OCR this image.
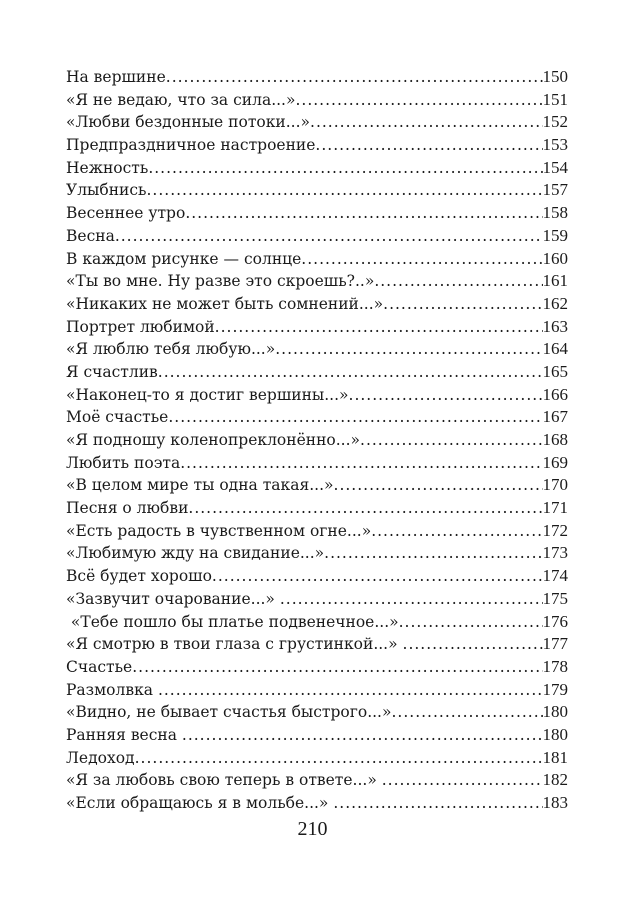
На вершине .....	150
«Я не ведаю, что за сила...» .....	151
«Любви бездонные потоки...» .....	152
Предпраздничное настроение .....	153
Нежность .....	154
Улыбнись .....	157
Весеннее утро .....	158
Весна .....	159
В каждом рисунке — солнце .....	160
«Ты во мне. Ну разве это скроешь?..» .....	161
«Никаких не может быть сомнений...» .....	162
Портрет любимой .....	163
«Я люблю тебя любую...» .....	164
Я счастлив .....	165
«Наконец-то я достиг вершины...» .....	166
Моё счастье .....	167
«Я подношу коленопреклонённо...» .....	168
Любить поэта .....	169
«В целом мире ты одна такая...» .....	170
Песня о любви .....	171
«Есть радость в чувственном огне...» .....	172
«Любимую жду на свидание...» .....	173
Всё будет хорошо .....	174
«Зазвучит очарование...» .....	175
«Тебе пошло бы платье подвенечное...» .....	176
«Я смотрю в твои глаза с грустинкой...» .....	177
Счастье .....	178
Размолвка .....	179
«Видно, не бывает счастья быстрого...» .....	180
Ранняя весна .....	180
Ледоход .....	181
«Я за любовь свою теперь в ответе...» .....	182
«Если обращаюсь я в мольбе...» .....	183
210
